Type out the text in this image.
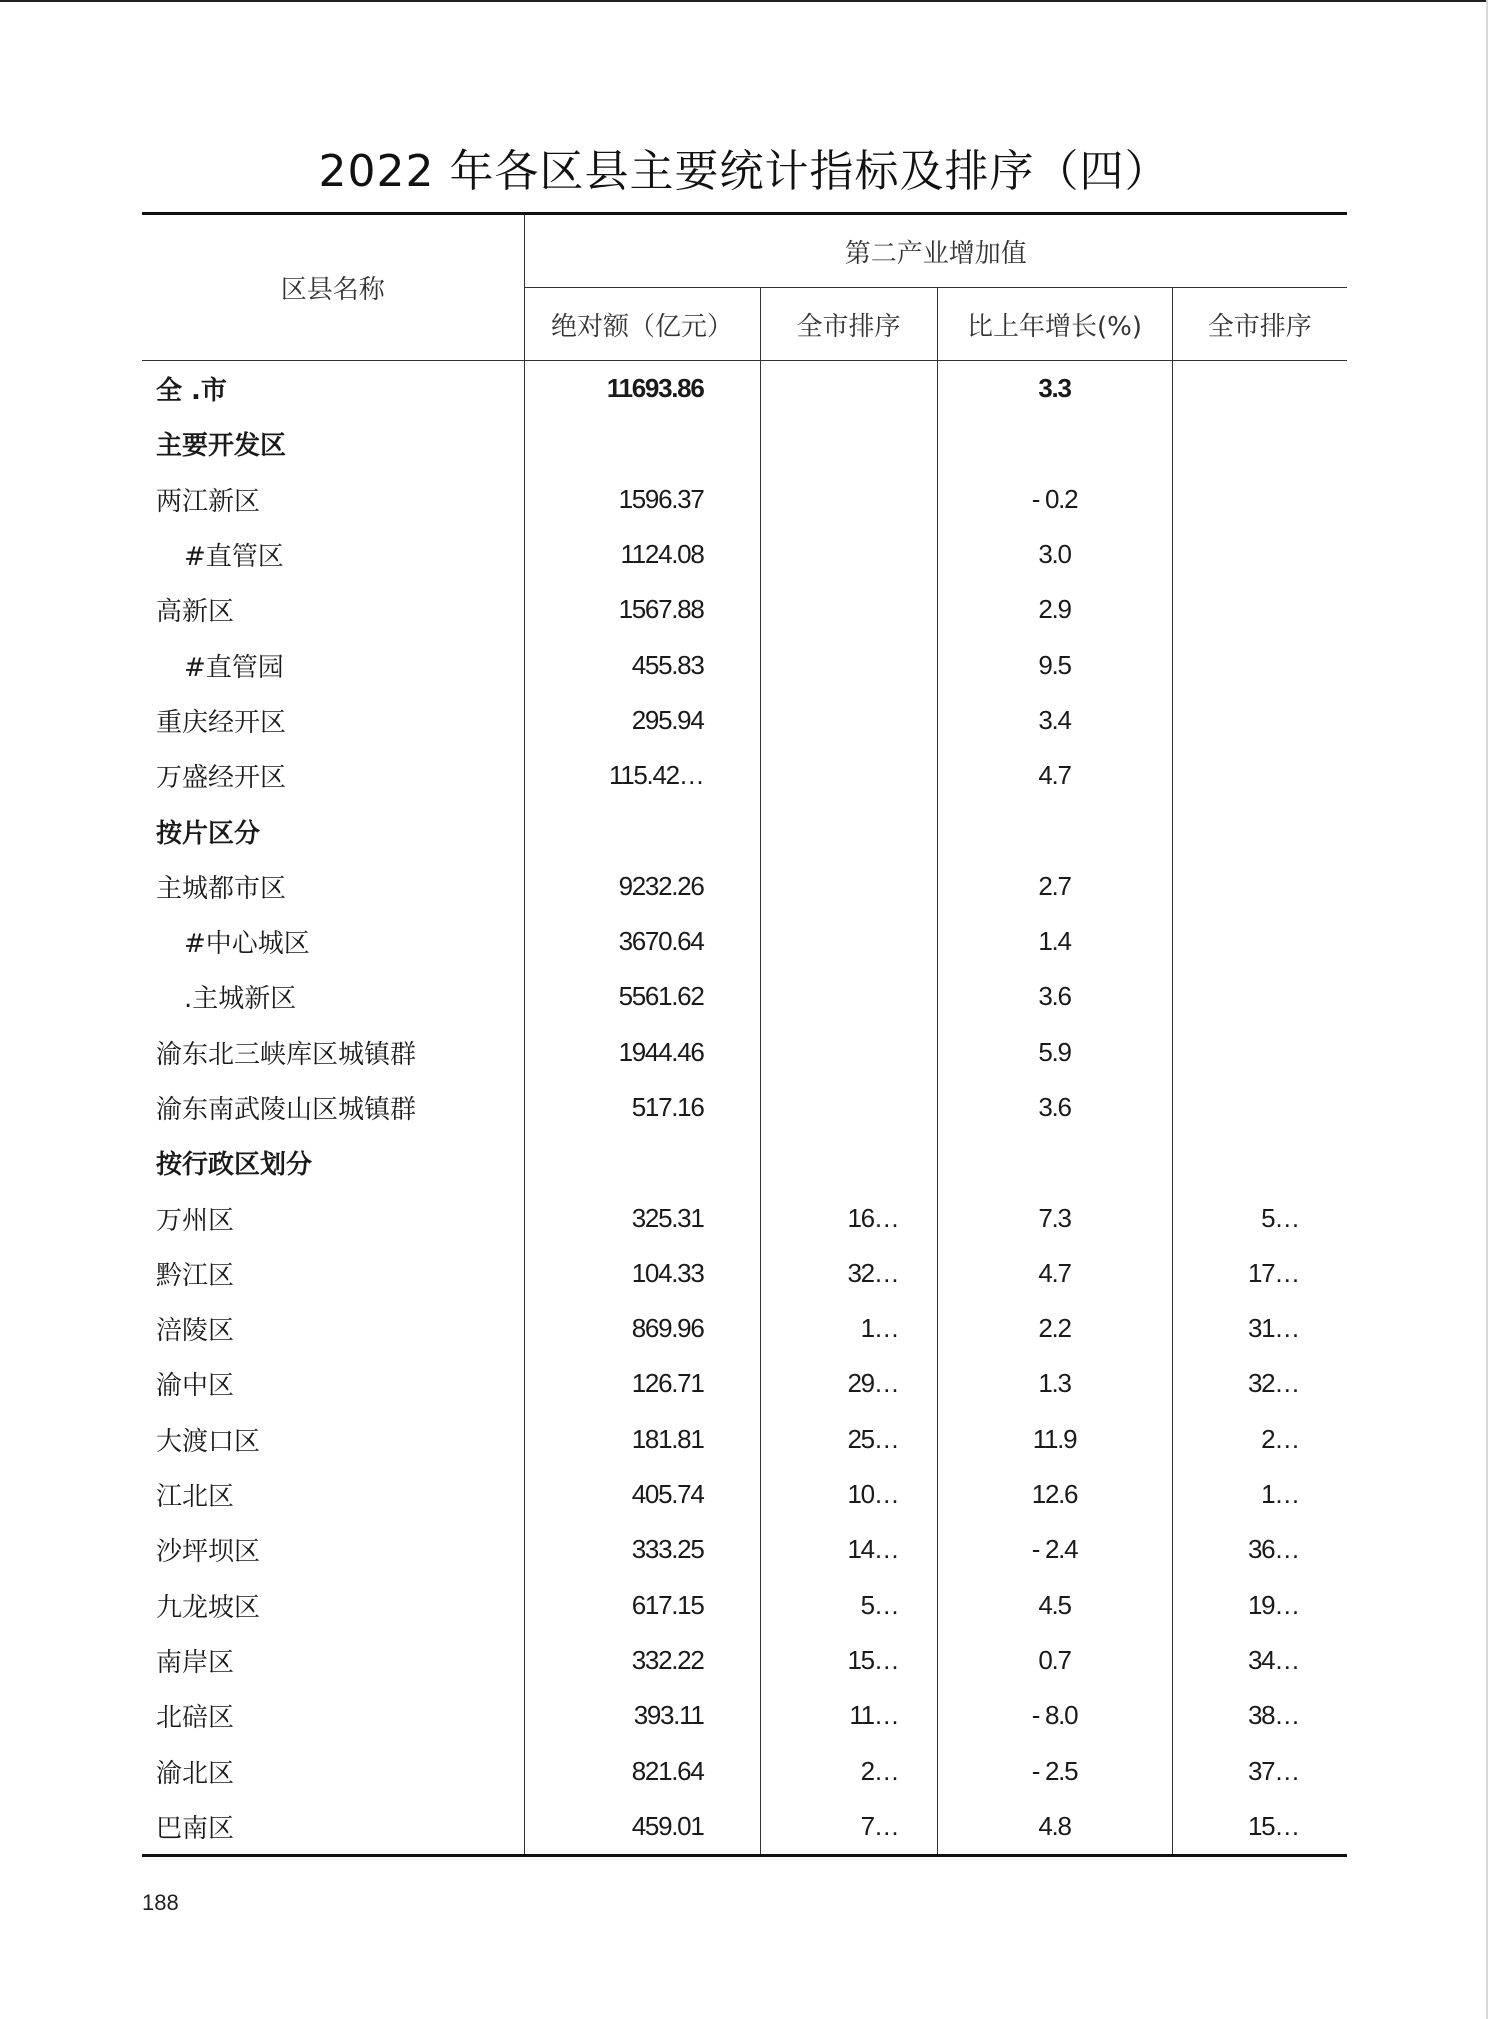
2022 年各区县主要统计指标及排序（四）
区县名称	第二产业增加值			
	绝对额（亿元）	全市排序	比上年增长(%)	全市排序
全 .市	11693.86		3.3	
主要开发区				
两江新区	1596.37		- 0.2	
#直管区	1124.08		3.0	
高新区	1567.88		2.9	
#直管园	455.83		9.5	
重庆经开区	295.94		3.4	
万盛经开区	115.42…		4.7	
按片区分				
主城都市区	9232.26		2.7	
#中心城区	3670.64		1.4	
.主城新区	5561.62		3.6	
渝东北三峡库区城镇群	1944.46		5.9	
渝东南武陵山区城镇群	517.16		3.6	
按行政区划分				
万州区	325.31	16…	7.3	5…
黔江区	104.33	32…	4.7	17…
涪陵区	869.96	1…	2.2	31…
渝中区	126.71	29…	1.3	32…
大渡口区	181.81	25…	11.9	2…
江北区	405.74	10…	12.6	1…
沙坪坝区	333.25	14…	- 2.4	36…
九龙坡区	617.15	5…	4.5	19…
南岸区	332.22	15…	0.7	34…
北碚区	393.11	11…	- 8.0	38…
渝北区	821.64	2…	- 2.5	37…
巴南区	459.01	7…	4.8	15…
188
